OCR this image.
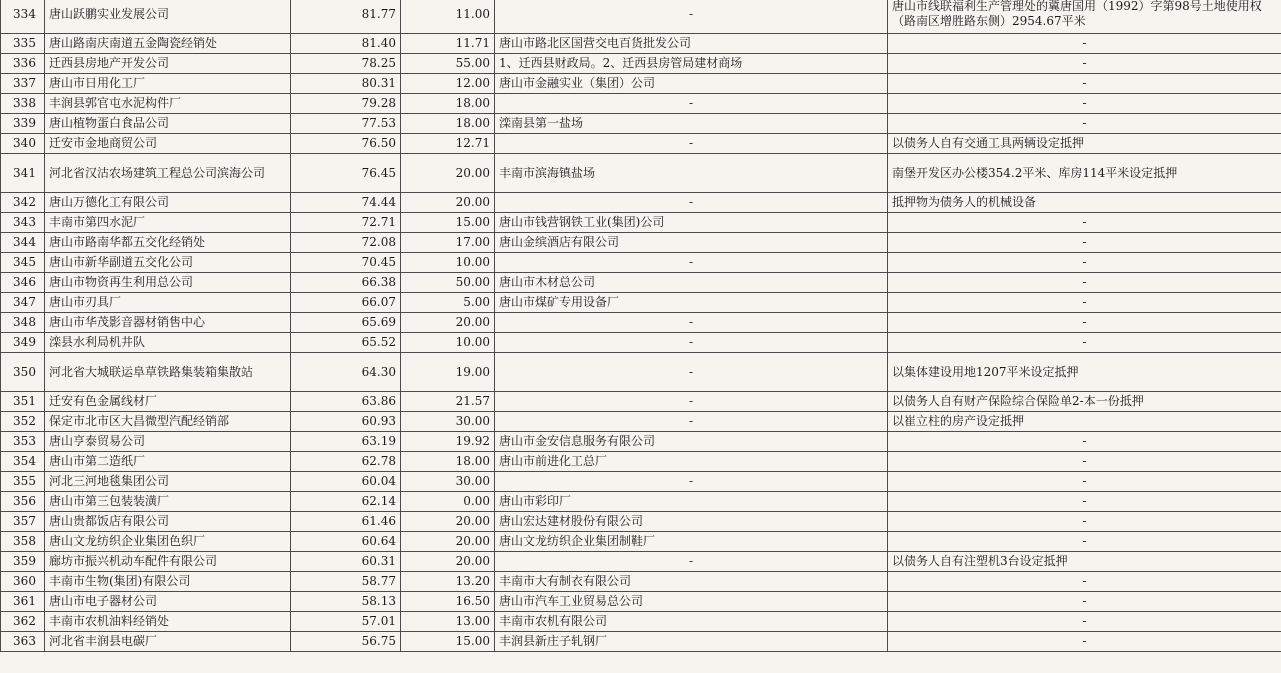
334	唐山跃鹏实业发展公司	81.77	11.00	-	唐山市线联福利生产管理处的冀唐国用（1992）字第98号土地使用权（路南区增胜路东侧）2954.67平米
335	唐山路南庆南道五金陶瓷经销处	81.40	11.71	唐山市路北区国营交电百货批发公司	-
336	迁西县房地产开发公司	78.25	55.00	1、迁西县财政局。2、迁西县房管局建材商场	-
337	唐山市日用化工厂	80.31	12.00	唐山市金融实业（集团）公司	-
338	丰润县郭官屯水泥构件厂	79.28	18.00	-	-
339	唐山植物蛋白食品公司	77.53	18.00	滦南县第一盐场	-
340	迁安市金地商贸公司	76.50	12.71	-	以债务人自有交通工具两辆设定抵押
341	河北省汉沽农场建筑工程总公司滨海公司	76.45	20.00	丰南市滨海镇盐场	南堡开发区办公楼354.2平米、库房114平米设定抵押
342	唐山万德化工有限公司	74.44	20.00	-	抵押物为债务人的机械设备
343	丰南市第四水泥厂	72.71	15.00	唐山市钱营钢铁工业(集团)公司	-
344	唐山市路南华都五交化经销处	72.08	17.00	唐山金缤酒店有限公司	-
345	唐山市新华副道五交化公司	70.45	10.00	-	-
346	唐山市物资再生利用总公司	66.38	50.00	唐山市木材总公司	-
347	唐山市刃具厂	66.07	5.00	唐山市煤矿专用设备厂	-
348	唐山市华茂影音器材销售中心	65.69	20.00	-	-
349	滦县水利局机井队	65.52	10.00	-	-
350	河北省大城联运阜草铁路集装箱集散站	64.30	19.00	-	以集体建设用地1207平米设定抵押
351	迁安有色金属线材厂	63.86	21.57	-	以债务人自有财产保险综合保险单2-本一份抵押
352	保定市北市区大昌微型汽配经销部	60.93	30.00	-	以崔立柱的房产设定抵押
353	唐山亨泰贸易公司	63.19	19.92	唐山市金安信息服务有限公司	-
354	唐山市第二造纸厂	62.78	18.00	唐山市前进化工总厂	-
355	河北三河地毯集团公司	60.04	30.00	-	-
356	唐山市第三包装装潢厂	62.14	0.00	唐山市彩印厂	-
357	唐山贵都饭店有限公司	61.46	20.00	唐山宏达建材股份有限公司	-
358	唐山文龙纺织企业集团色织厂	60.64	20.00	唐山文龙纺织企业集团制鞋厂	-
359	廊坊市振兴机动车配件有限公司	60.31	20.00	-	以债务人自有注塑机3台设定抵押
360	丰南市生物(集团)有限公司	58.77	13.20	丰南市大有制衣有限公司	-
361	唐山市电子器材公司	58.13	16.50	唐山市汽车工业贸易总公司	-
362	丰南市农机油料经销处	57.01	13.00	丰南市农机有限公司	-
363	河北省丰润县电碳厂	56.75	15.00	丰润县新庄子轧钢厂	-
